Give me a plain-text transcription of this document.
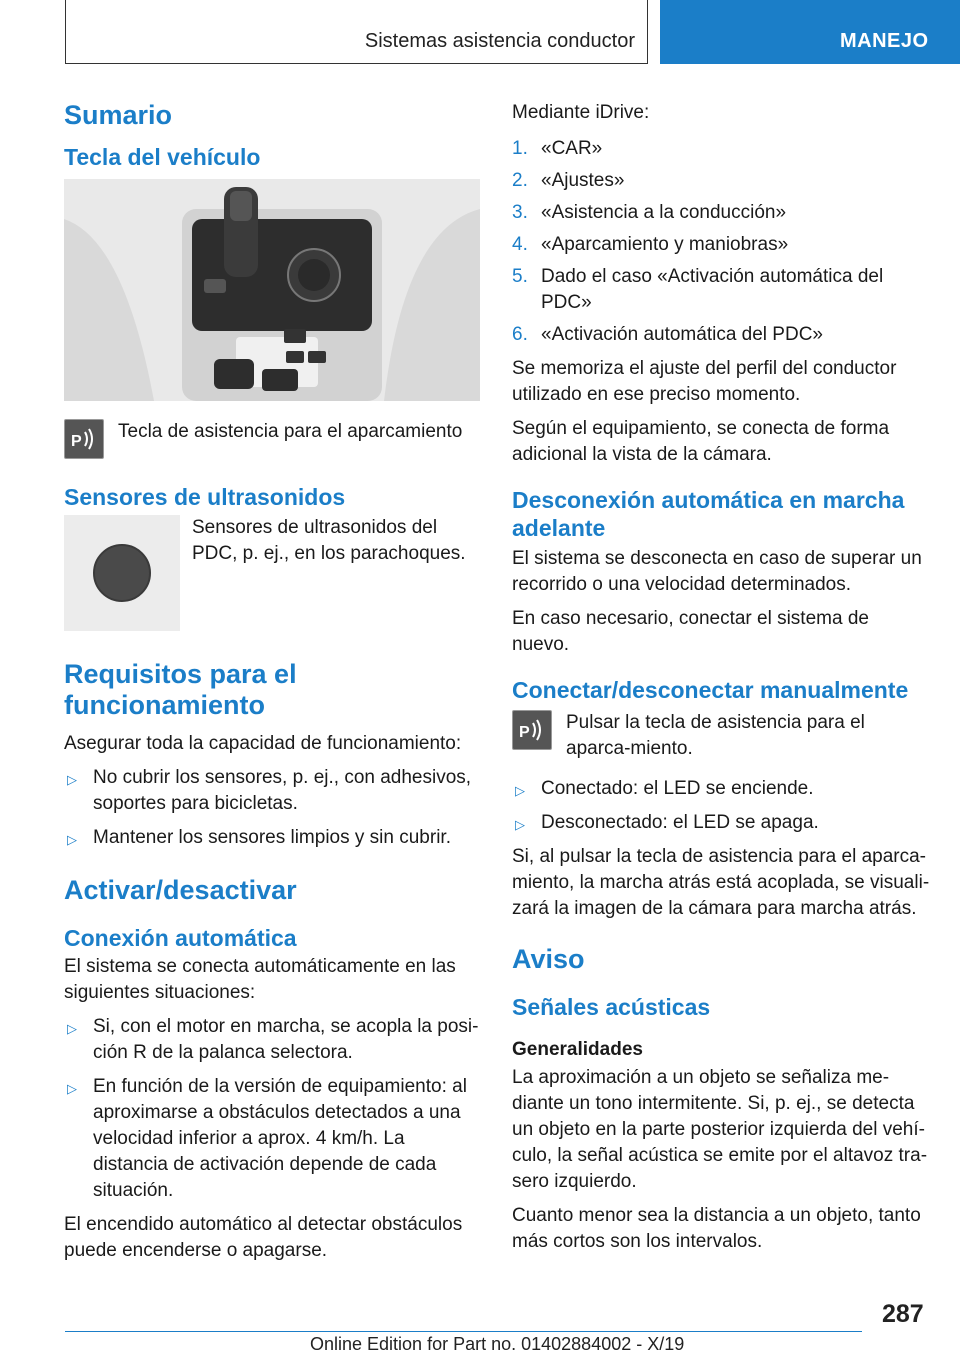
Sistemas asistencia conductor	MANEJO
Sumario
Tecla del vehículo
P Tecla de asistencia para el aparcamiento
Sensores de ultrasonidos
Sensores de ultrasonidos del PDC, p. ej., en los parachoques.
Requisitos para el funcionamiento

Asegurar toda la capacidad de funcionamiento:

▷ No cubrir los sensores, p. ej., con adhesivos, soportes para bicicletas.
▷ Mantener los sensores limpios y sin cubrir.
Activar/desactivar
Conexión automática

El sistema se conecta automáticamente en las siguientes situaciones:

▷ Si, con el motor en marcha, se acopla la posi-ción R de la palanca selectora.
▷ En función de la versión de equipamiento: al aproximarse a obstáculos detectados a una velocidad inferior a aprox. 4 km/h. La distancia de activación depende de cada situación.

El encendido automático al detectar obstáculos puede encenderse o apagarse.

Mediante iDrive:

1. «CAR»
2. «Ajustes»
3. «Asistencia a la conducción»
4. «Aparcamiento y maniobras»
5. Dado el caso «Activación automática del PDC»
6. «Activación automática del PDC»

Se memoriza el ajuste del perfil del conductor utilizado en ese preciso momento.

Según el equipamiento, se conecta de forma adicional la vista de la cámara.

Desconexión automática en marcha adelante

El sistema se desconecta en caso de superar un recorrido o una velocidad determinados.

En caso necesario, conectar el sistema de nuevo.

Conectar/desconectar manualmente
P Pulsar la tecla de asistencia para el aparca-miento.
▷ Conectado: el LED se enciende.
▷ Desconectado: el LED se apaga.

Si, al pulsar la tecla de asistencia para el aparca-miento, la marcha atrás está acoplada, se visuali-zará la imagen de la cámara para marcha atrás.

Aviso
Señales acústicas
Generalidades

La aproximación a un objeto se señaliza me-diante un tono intermitente. Si, p. ej., se detecta un objeto en la parte posterior izquierda del vehí-culo, la señal acústica se emite por el altavoz tra-sero izquierdo.

Cuanto menor sea la distancia a un objeto, tanto más cortos son los intervalos.

287
Online Edition for Part no. 01402884002 - X/19
